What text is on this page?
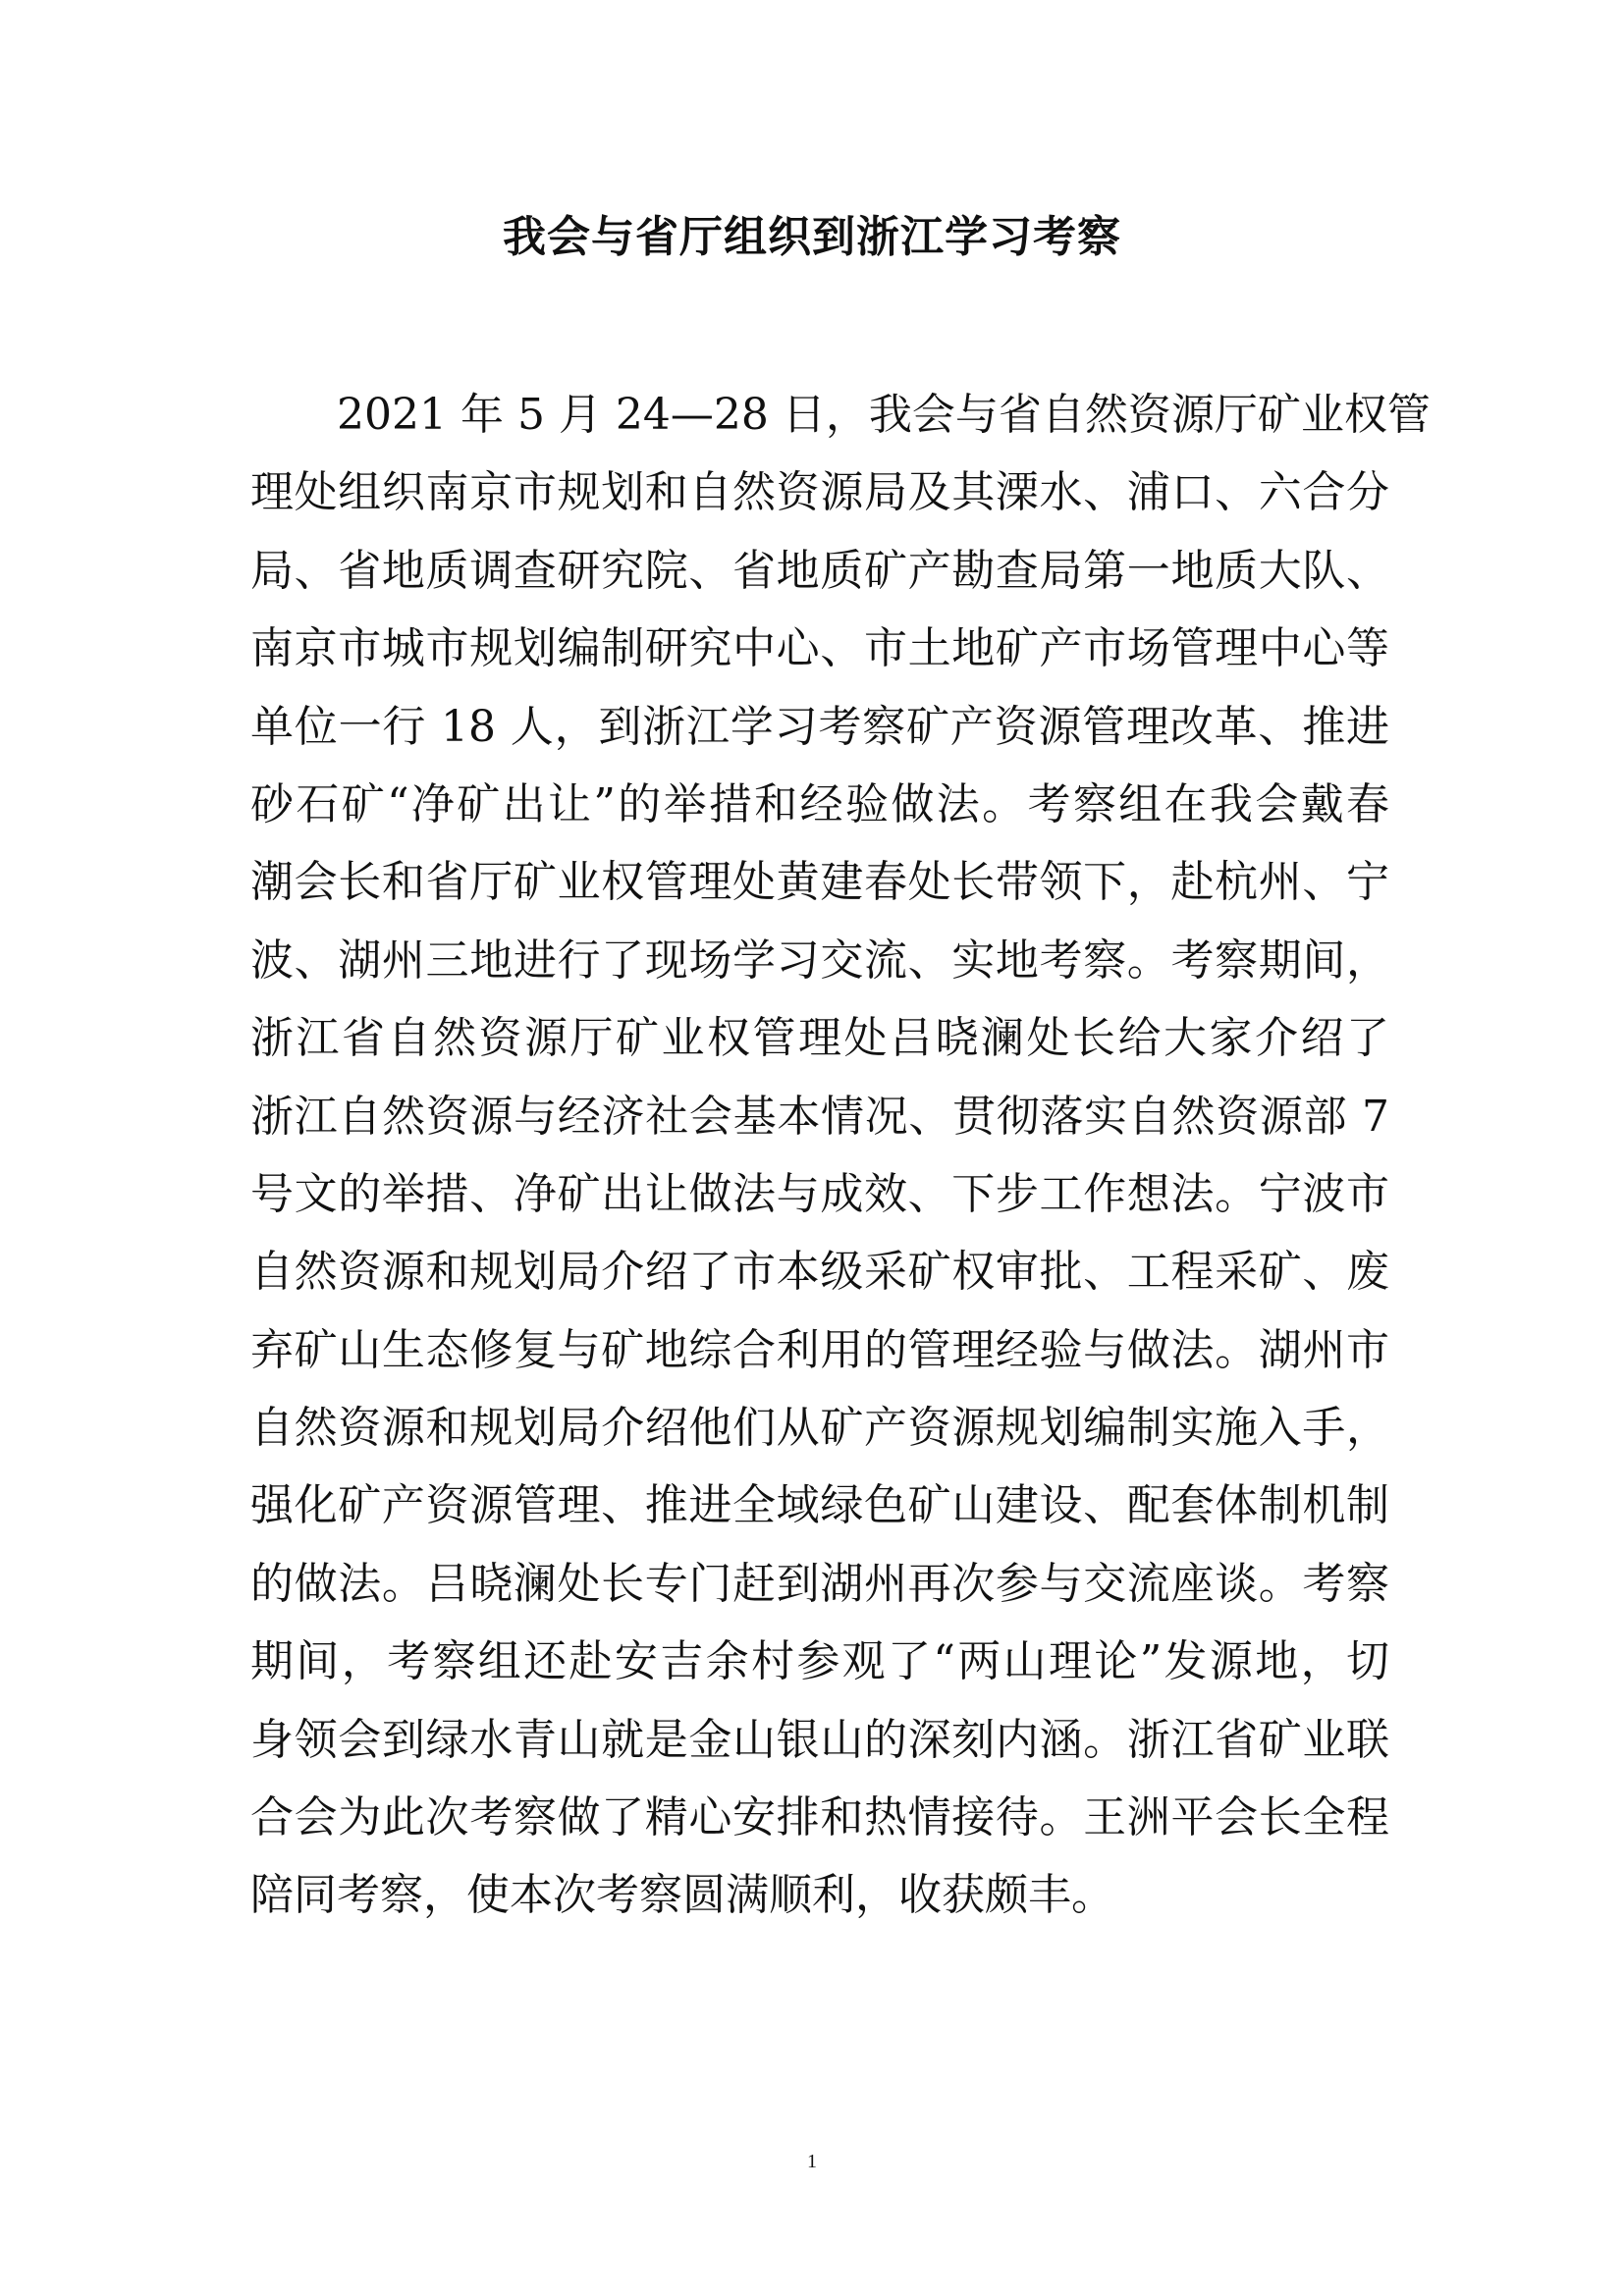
我会与省厅组织到浙江学习考察
2021 年 5 月 24—28 日，我会与省自然资源厅矿业权管
理处组织南京市规划和自然资源局及其溧水、浦口、六合分
局、省地质调查研究院、省地质矿产勘查局第一地质大队、
南京市城市规划编制研究中心、市土地矿产市场管理中心等
单位一行 18 人，到浙江学习考察矿产资源管理改革、推进
砂石矿“净矿出让”的举措和经验做法。考察组在我会戴春
潮会长和省厅矿业权管理处黄建春处长带领下，赴杭州、宁
波、湖州三地进行了现场学习交流、实地考察。考察期间，
浙江省自然资源厅矿业权管理处吕晓澜处长给大家介绍了
浙江自然资源与经济社会基本情况、贯彻落实自然资源部 7
号文的举措、净矿出让做法与成效、下步工作想法。宁波市
自然资源和规划局介绍了市本级采矿权审批、工程采矿、废
弃矿山生态修复与矿地综合利用的管理经验与做法。湖州市
自然资源和规划局介绍他们从矿产资源规划编制实施入手，
强化矿产资源管理、推进全域绿色矿山建设、配套体制机制
的做法。吕晓澜处长专门赶到湖州再次参与交流座谈。考察
期间，考察组还赴安吉余村参观了“两山理论”发源地，切
身领会到绿水青山就是金山银山的深刻内涵。浙江省矿业联
合会为此次考察做了精心安排和热情接待。王洲平会长全程
陪同考察，使本次考察圆满顺利，收获颇丰。
1
